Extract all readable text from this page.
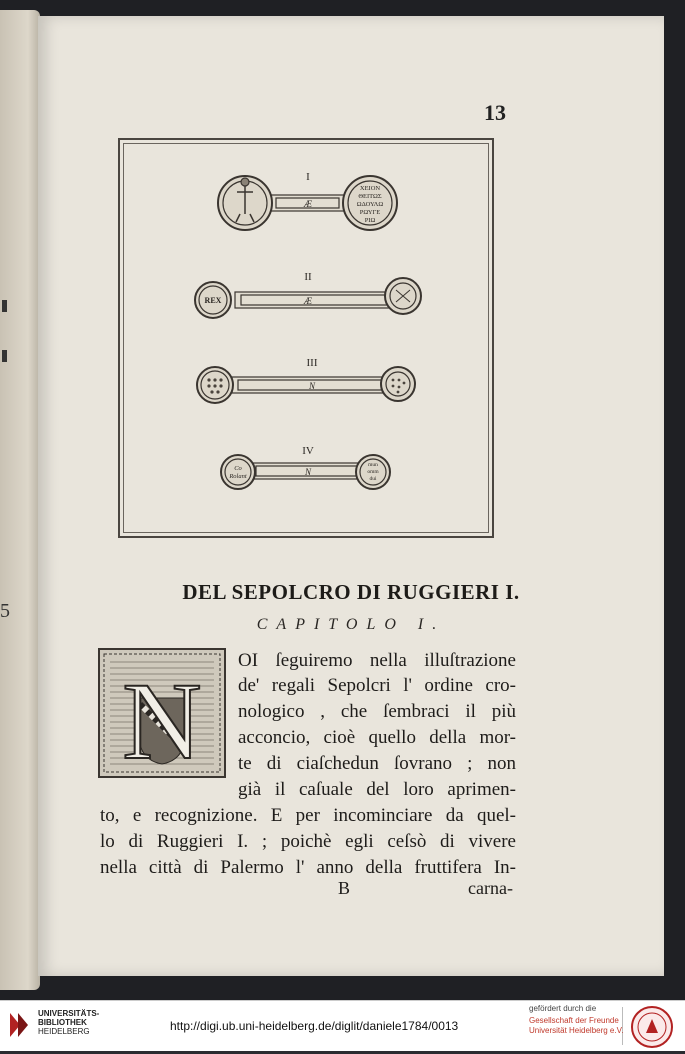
5
13
I
Æ
II
Æ
III
N
IV
N
ΧΕΙΟΝ
ΘΕΙΤΩΣ
ΩΔΟΥΛΩ
ΡΩΥΓΕ
ΡΙΩ
REX
Co
Rolant
mun
omm
dui
DEL SEPOLCRO DI RUGGIERI I.
CAPITOLO I.
N OI ſeguiremo nella illuſtrazione
de' regali Sepolcri l' ordine cro-
nologico , che ſembraci il più
acconcio, cioè quello della mor-
te di ciaſchedun ſovrano ; non
già il caſuale del loro aprimen-
to, e recognizione. E per incominciare da quel-
lo di Ruggieri I. ; poichè egli ceſsò di vivere
nella città di Palermo l' anno della fruttifera In-
B	carna-
UNIVERSITÄTS-
BIBLIOTHEK
HEIDELBERG	http://digi.ub.uni-heidelberg.de/diglit/daniele1784/0013
gefördert durch die
Gesellschaft der Freunde
Universität Heidelberg e.V.
